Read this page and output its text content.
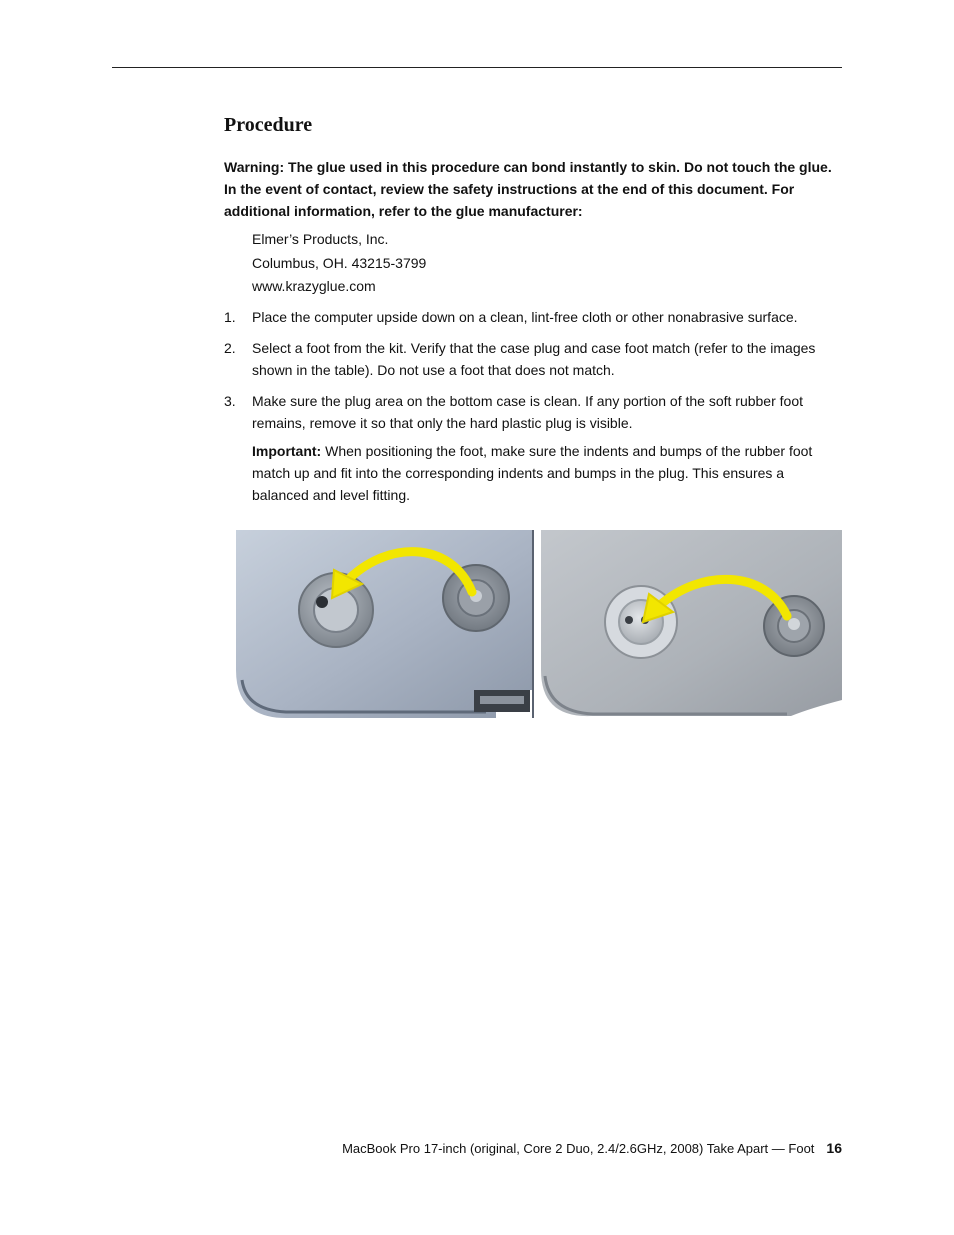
Procedure

Warning: The glue used in this procedure can bond instantly to skin. Do not touch the glue. In the event of contact, review the safety instructions at the end of this document. For additional information, refer to the glue manufacturer:

Elmer’s Products, Inc.
Columbus, OH. 43215-3799
www.krazyglue.com
1.	Place the computer upside down on a clean, lint-free cloth or other nonabrasive surface.
2.	Select a foot from the kit. Verify that the case plug and case foot match (refer to the images shown in the table). Do not use a foot that does not match.
3.	Make sure the plug area on the bottom case is clean. If any portion of the soft rubber foot remains, remove it so that only the hard plastic plug is visible.
Important: When positioning the foot, make sure the indents and bumps of the rubber foot match up and fit into the corresponding indents and bumps in the plug. This ensures a balanced and level fitting.
MacBook Pro 17-inch (original, Core 2 Duo, 2.4/2.6GHz, 2008) Take Apart — Foot 16
